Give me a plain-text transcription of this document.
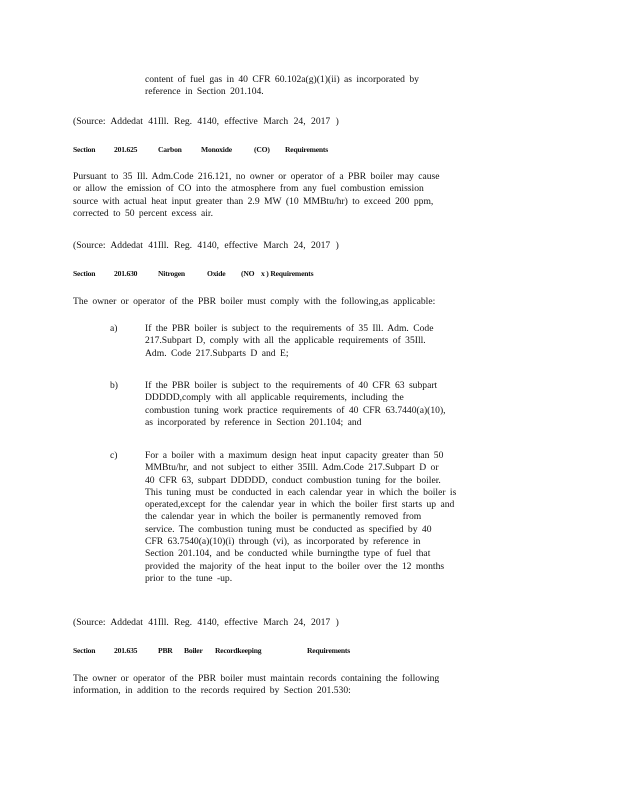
content of fuel gas in 40 CFR 60.102a(g)(1)(ii) as incorporated by
reference in Section 201.104.
(Source: Addedat 41Ill. Reg. 4140, effective March 24, 2017 )
Section 201.625	Carbon	Monoxide	(CO) Requirements
Pursuant to 35 Ill. Adm.Code 216.121, no owner or operator of a PBR boiler may cause
or allow the emission of CO into the atmosphere from any fuel combustion emission
source with actual heat input greater than 2.9 MW (10 MMBtu/hr) to exceed 200 ppm,
corrected to 50 percent excess air.
(Source: Addedat 41Ill. Reg. 4140, effective March 24, 2017 )
Section 201.630	Nitrogen	Oxide (NO x ) Requirements
The owner or operator of the PBR boiler must comply with the following,as applicable:
a)	If the PBR boiler is subject to the requirements of 35 Ill. Adm. Code
217.Subpart D, comply with all the applicable requirements of 35Ill.
Adm. Code 217.Subparts D and E;
b)	If the PBR boiler is subject to the requirements of 40 CFR 63 subpart
DDDDD,comply with all applicable requirements, including the
combustion tuning work practice requirements of 40 CFR 63.7440(a)(10),
as incorporated by reference in Section 201.104; and
c)	For a boiler with a maximum design heat input capacity greater than 50
MMBtu/hr, and not subject to either 35Ill. Adm.Code 217.Subpart D or
40 CFR 63, subpart DDDDD, conduct combustion tuning for the boiler.
This tuning must be conducted in each calendar year in which the boiler is
operated,except for the calendar year in which the boiler first starts up and
the calendar year in which the boiler is permanently removed from
service. The combustion tuning must be conducted as specified by 40
CFR 63.7540(a)(10)(i) through (vi), as incorporated by reference in
Section 201.104, and be conducted while burningthe type of fuel that
provided the majority of the heat input to the boiler over the 12 months
prior to the tune -up.
(Source: Addedat 41Ill. Reg. 4140, effective March 24, 2017 )
Section 201.635	PBR Boiler Recordkeeping	Requirements
The owner or operator of the PBR boiler must maintain records containing the following
information, in addition to the records required by Section 201.530:
